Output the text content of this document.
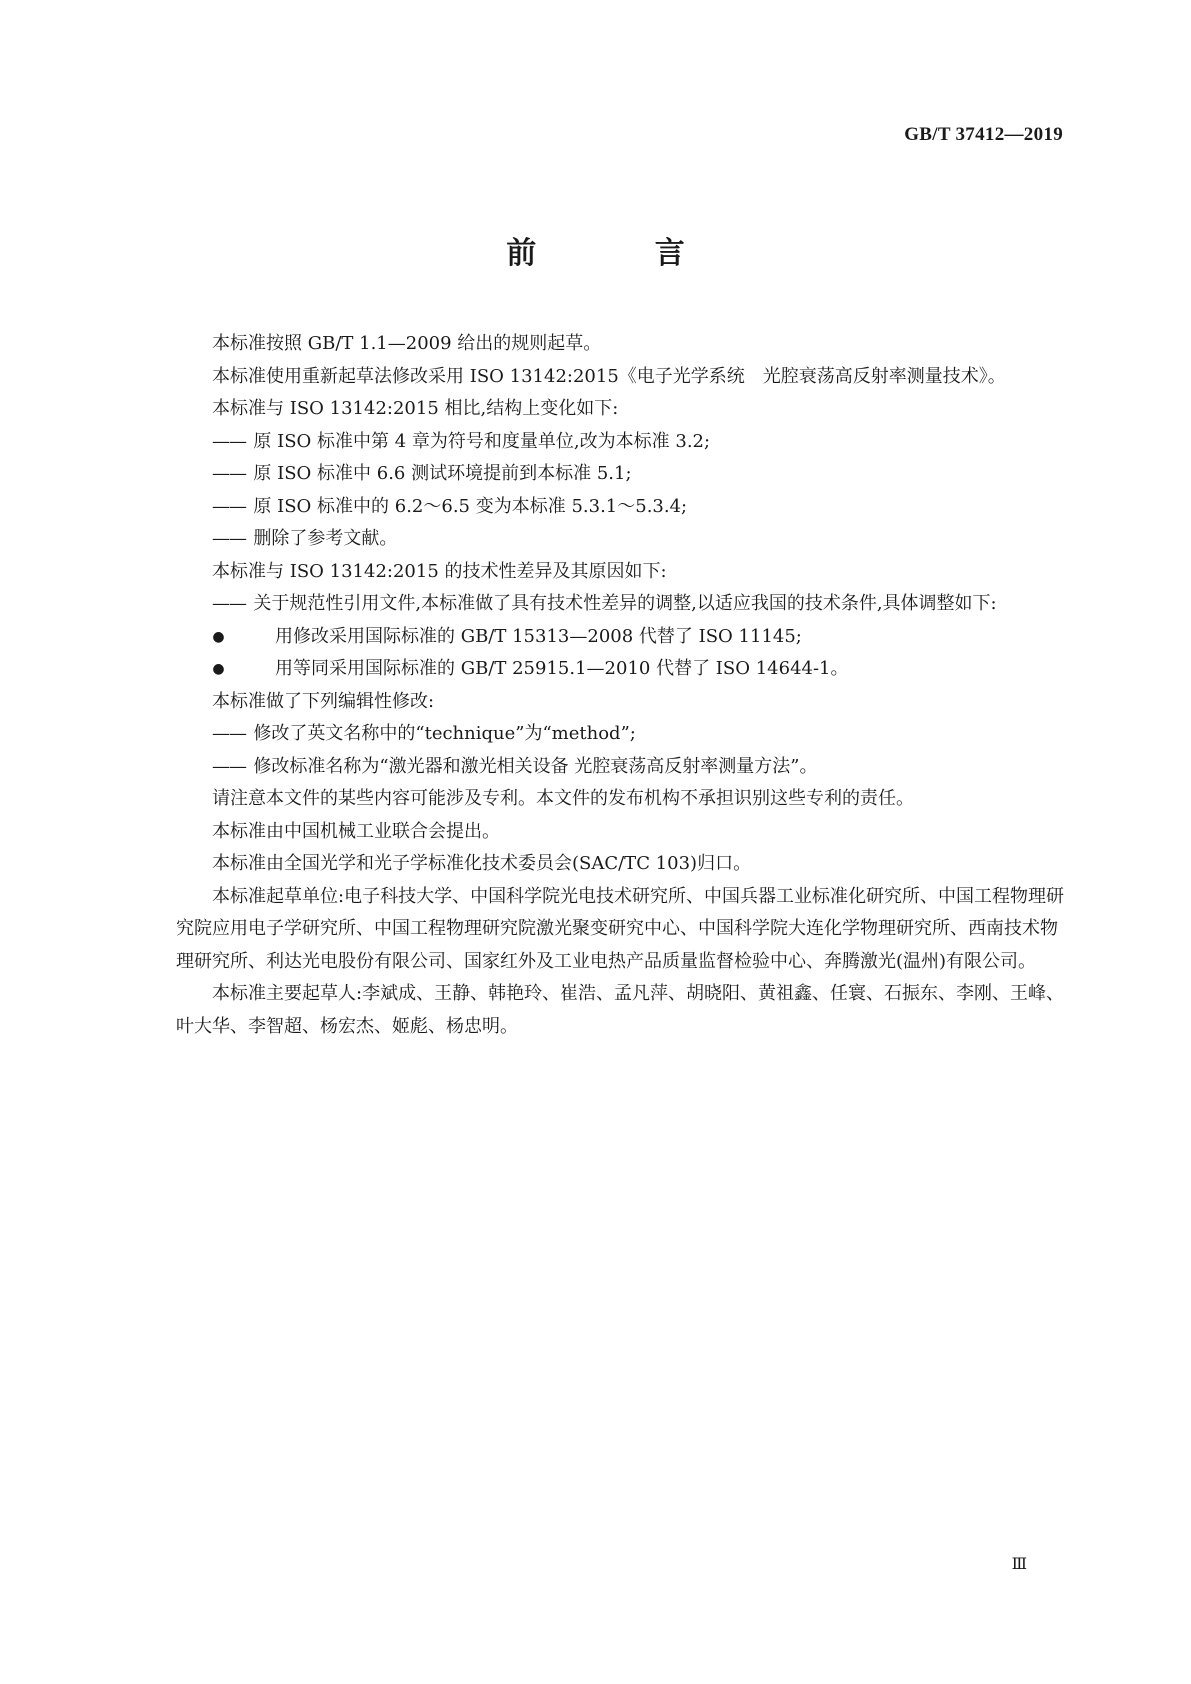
GB/T 37412—2019
前 言

本标准按照 GB/T 1.1—2009 给出的规则起草。

本标准使用重新起草法修改采用 ISO 13142:2015《电子光学系统　光腔衰荡高反射率测量技术》。

本标准与 ISO 13142:2015 相比,结构上变化如下:

—— 原 ISO 标准中第 4 章为符号和度量单位,改为本标准 3.2;

—— 原 ISO 标准中 6.6 测试环境提前到本标准 5.1;

—— 原 ISO 标准中的 6.2～6.5 变为本标准 5.3.1～5.3.4;

—— 删除了参考文献。

本标准与 ISO 13142:2015 的技术性差异及其原因如下:

—— 关于规范性引用文件,本标准做了具有技术性差异的调整,以适应我国的技术条件,具体调整如下:

●	用修改采用国际标准的 GB/T 15313—2008 代替了 ISO 11145;

●	用等同采用国际标准的 GB/T 25915.1—2010 代替了 ISO 14644-1。

本标准做了下列编辑性修改:

—— 修改了英文名称中的“technique”为“method”;

—— 修改标准名称为“激光器和激光相关设备 光腔衰荡高反射率测量方法”。

请注意本文件的某些内容可能涉及专利。本文件的发布机构不承担识别这些专利的责任。

本标准由中国机械工业联合会提出。

本标准由全国光学和光子学标准化技术委员会(SAC/TC 103)归口。

本标准起草单位:电子科技大学、中国科学院光电技术研究所、中国兵器工业标准化研究所、中国工程物理研究院应用电子学研究所、中国工程物理研究院激光聚变研究中心、中国科学院大连化学物理研究所、西南技术物理研究所、利达光电股份有限公司、国家红外及工业电热产品质量监督检验中心、奔腾激光(温州)有限公司。

本标准主要起草人:李斌成、王静、韩艳玲、崔浩、孟凡萍、胡晓阳、黄祖鑫、任寰、石振东、李刚、王峰、叶大华、李智超、杨宏杰、姬彪、杨忠明。

Ⅲ
